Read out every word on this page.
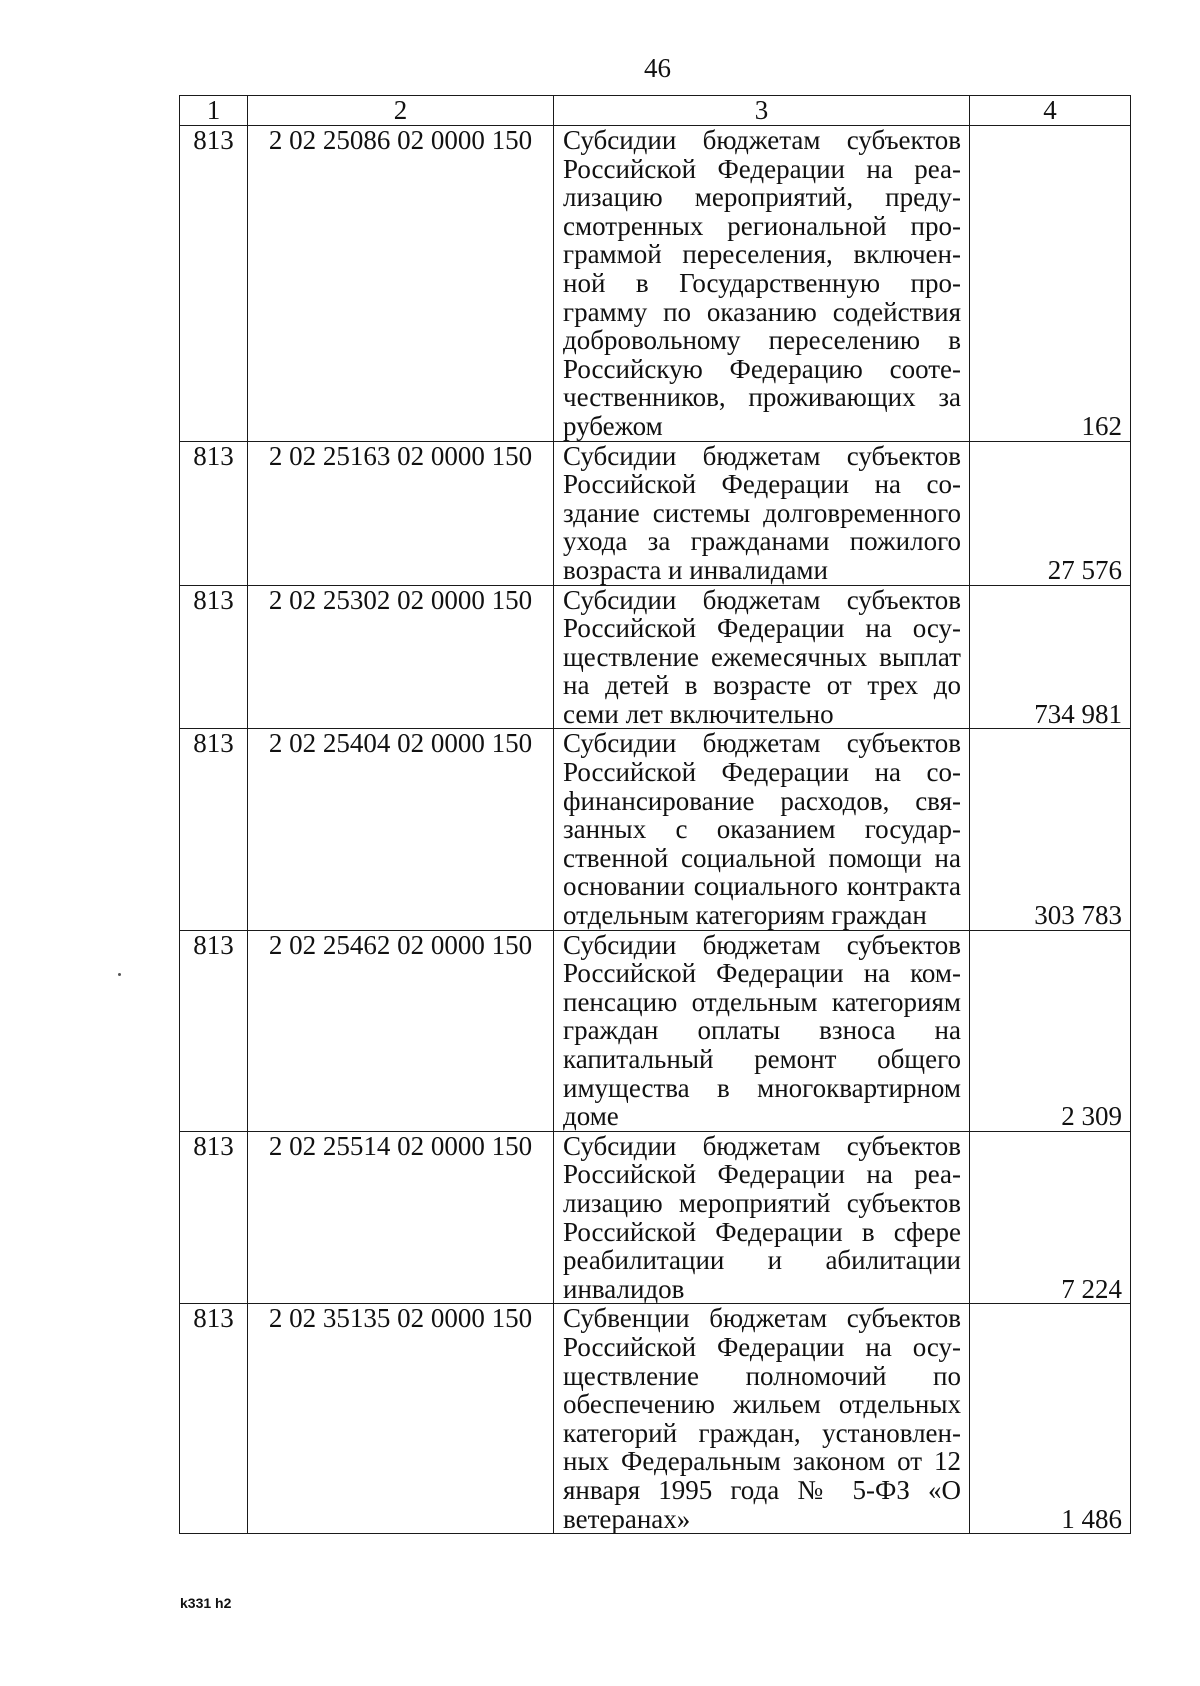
46
1	2	3	4
813	2 02 25086 02 0000 150	Субсидии бюджетам субъектов Российской Федерации на реализацию мероприятий, предусмотренных региональной программой переселения, включенной в Государственную программу по оказанию содействия добровольному переселению в Российскую Федерацию соотечественников, проживающих за рубежом	162
813	2 02 25163 02 0000 150	Субсидии бюджетам субъектов Российской Федерации на создание системы долговременного ухода за гражданами пожилого возраста и инвалидами	27 576
813	2 02 25302 02 0000 150	Субсидии бюджетам субъектов Российской Федерации на осуществление ежемесячных выплат на детей в возрасте от трех до семи лет включительно	734 981
813	2 02 25404 02 0000 150	Субсидии бюджетам субъектов Российской Федерации на софинансирование расходов, связанных с оказанием государственной социальной помощи на основании социального контракта отдельным категориям граждан	303 783
813	2 02 25462 02 0000 150	Субсидии бюджетам субъектов Российской Федерации на компенсацию отдельным категориям граждан оплаты взноса на капитальный ремонт общего имущества в многоквартирном доме	2 309
813	2 02 25514 02 0000 150	Субсидии бюджетам субъектов Российской Федерации на реализацию мероприятий субъектов Российской Федерации в сфере реабилитации и абилитации инвалидов	7 224
813	2 02 35135 02 0000 150	Субвенции бюджетам субъектов Российской Федерации на осуществление полномочий по обеспечению жильем отдельных категорий граждан, установленных Федеральным законом от 12 января 1995 года № 5-ФЗ «О ветеранах»	1 486
k331 h2
